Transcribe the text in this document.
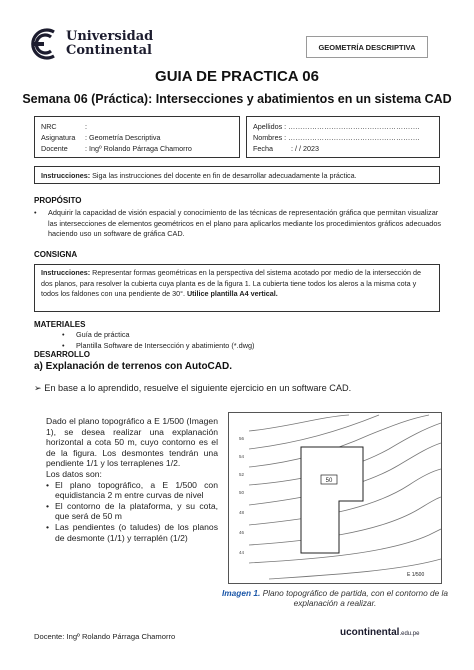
Universidad
Continental	GEOMETRÍA DESCRIPTIVA
GUIA DE PRACTICA 06
Semana 06 (Práctica): Intersecciones y abatimientos en un sistema CAD
NRC	:
Asignatura	: Geometría Descriptiva
Docente	: Ingº Rolando Párraga Chamorro
Apellidos : ……………………………………………….
Nombres : ……………………………………………….
Fecha	: / / 2023
Instrucciones: Siga las instrucciones del docente en fin de desarrollar adecuadamente la práctica.
PROPÓSITO
•	Adquirir la capacidad de visión espacial y conocimiento de las técnicas de representación gráfica que permitan visualizar las intersecciones de elementos geométricos en el plano para aplicarlos mediante los procedimientos gráficos adecuados haciendo uso un software de gráfica CAD.
CONSIGNA
Instrucciones: Representar formas geométricas en la perspectiva del sistema acotado por medio de la intersección de dos planos, para resolver la cubierta cuya planta es de la figura 1. La cubierta tiene todos los aleros a la misma cota y todos los faldones con una pendiente de 30°. Utilice plantilla A4 vertical.
MATERIALES
•	Guía de práctica
•	Plantilla Software de Intersección y abatimiento (*.dwg)
DESARROLLO
a) Explanación de terrenos con AutoCAD.
➢ En base a lo aprendido, resuelve el siguiente ejercicio en un software CAD.
Dado el plano topográfico a E 1/500 (Imagen 1), se desea realizar una explanación horizontal a cota 50 m, cuyo contorno es el de la figura. Los desmontes tendrán una pendiente 1/1 y los terraplenes 1/2.
Los datos son:
• El plano topográfico, a E 1/500 con equidistancia 2 m entre curvas de nivel
• El contorno de la plataforma, y su cota, que será de 50 m
• Las pendientes (o taludes) de los planos de desmonte (1/1) y terraplén (1/2)
50
56
54
52
50
48
46
44
E 1/500
Imagen 1. Plano topográfico de partida, con el contorno de la explanación a realizar.
Docente: Ingº Rolando Párraga Chamorro	ucontinental.edu.pe
